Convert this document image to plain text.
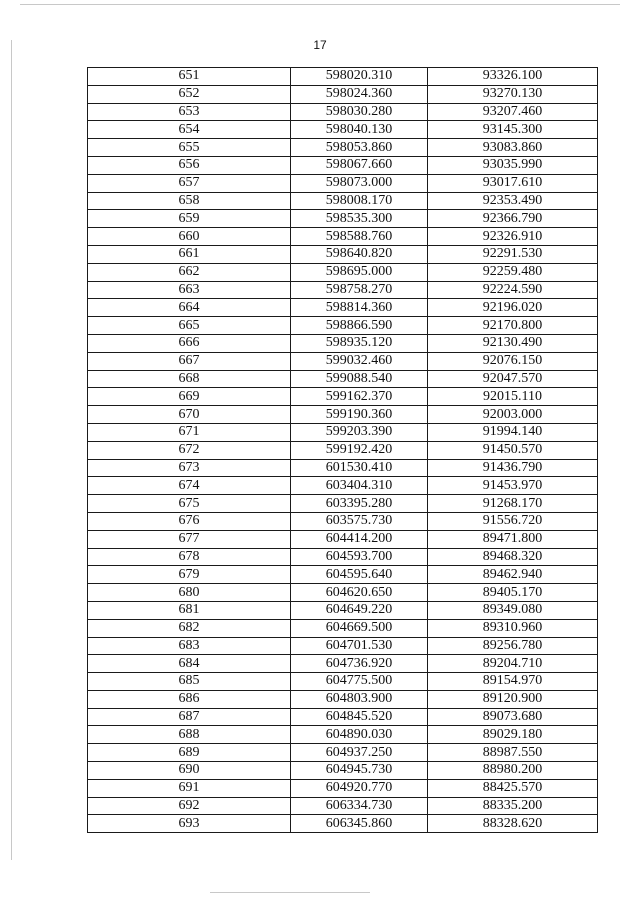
17
651	598020.310	93326.100
652	598024.360	93270.130
653	598030.280	93207.460
654	598040.130	93145.300
655	598053.860	93083.860
656	598067.660	93035.990
657	598073.000	93017.610
658	598008.170	92353.490
659	598535.300	92366.790
660	598588.760	92326.910
661	598640.820	92291.530
662	598695.000	92259.480
663	598758.270	92224.590
664	598814.360	92196.020
665	598866.590	92170.800
666	598935.120	92130.490
667	599032.460	92076.150
668	599088.540	92047.570
669	599162.370	92015.110
670	599190.360	92003.000
671	599203.390	91994.140
672	599192.420	91450.570
673	601530.410	91436.790
674	603404.310	91453.970
675	603395.280	91268.170
676	603575.730	91556.720
677	604414.200	89471.800
678	604593.700	89468.320
679	604595.640	89462.940
680	604620.650	89405.170
681	604649.220	89349.080
682	604669.500	89310.960
683	604701.530	89256.780
684	604736.920	89204.710
685	604775.500	89154.970
686	604803.900	89120.900
687	604845.520	89073.680
688	604890.030	89029.180
689	604937.250	88987.550
690	604945.730	88980.200
691	604920.770	88425.570
692	606334.730	88335.200
693	606345.860	88328.620
